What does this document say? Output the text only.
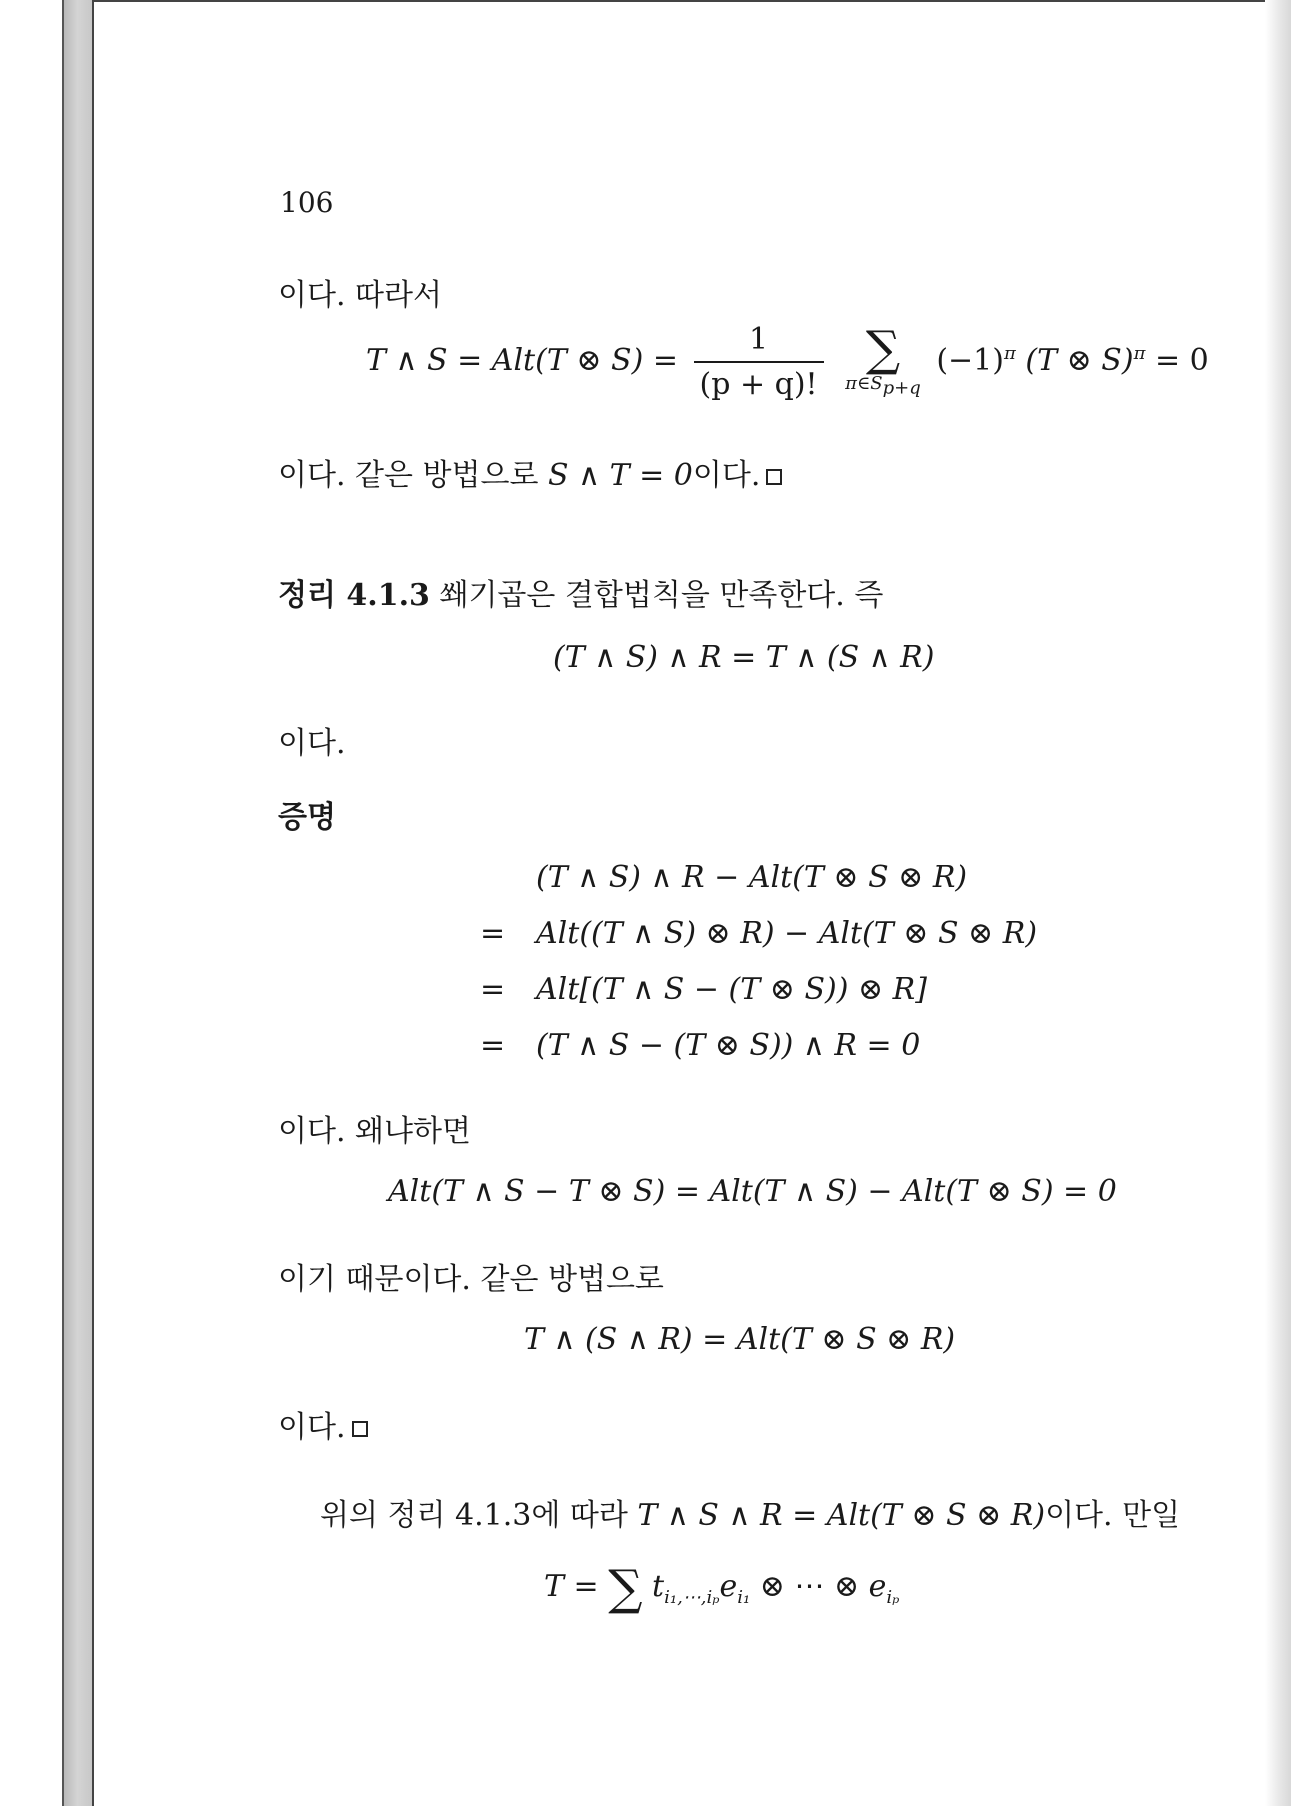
106
이다. 따라서
T ∧ S = Alt(T ⊗ $S) = \frac{1}{(p + q)!}$
∑
π∈Sp+q
$(-1)^\pi$ (T ⊗ S)$^\pi$ = 0
이다. 같은 방법으로 S ∧ T = 0이다.
정리 4.1.3 쐐기곱은 결합법칙을 만족한다. 즉
(T ∧ S) ∧ R = T ∧ (S ∧ R)
이다.
증명
(T ∧ S) ∧ R − Alt(T ⊗ S ⊗ R)
= Alt((T ∧ S) ⊗ R) − Alt(T ⊗ S ⊗ R)
= Alt[(T ∧ S − (T ⊗ S)) ⊗ R]
= (T ∧ S − (T ⊗ S)) ∧ R = 0
이다. 왜냐하면
Alt(T ∧ S − T ⊗ S) = Alt(T ∧ S) − Alt(T ⊗ S) = 0
이기 때문이다. 같은 방법으로
T ∧ (S ∧ R) = Alt(T ⊗ S ⊗ R)
이다.
위의 정리 4.1.3에 따라 T ∧ S ∧ R = Alt(T ⊗ S ⊗ R)이다. 만일
T = ∑ $t_{i_1,\cdots,i_p}e_{i_1}$ ⊗ ⋯ ⊗ $e_{i_p}$
